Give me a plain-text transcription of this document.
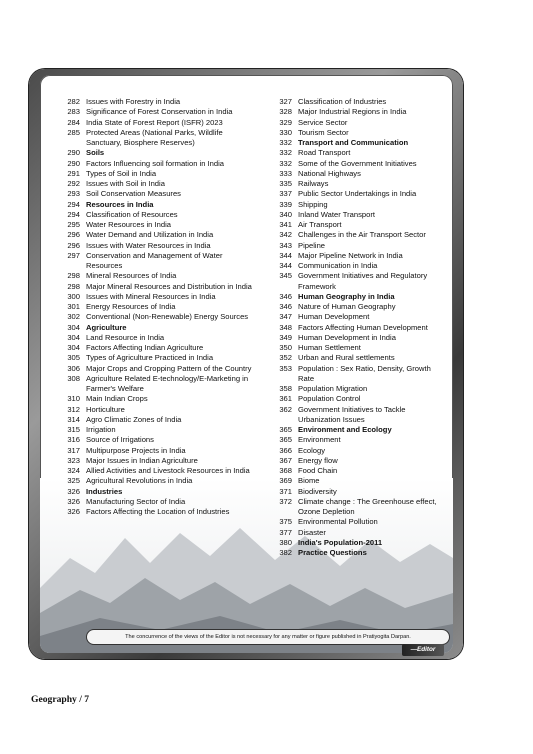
282 Issues with Forestry in India
283 Significance of Forest Conservation in India
284 India State of Forest Report (ISFR) 2023
285 Protected Areas (National Parks, Wildlife Sanctuary, Biosphere Reserves)
290 Soils
290 Factors Influencing soil formation in India
291 Types of Soil in India
292 Issues with Soil in India
293 Soil Conservation Measures
294 Resources in India
294 Classification of Resources
295 Water Resources in India
296 Water Demand and Utilization in India
296 Issues with Water Resources in India
297 Conservation and Management of Water Resources
298 Mineral Resources of India
298 Major Mineral Resources and Distribution in India
300 Issues with Mineral Resources in India
301 Energy Resources of India
302 Conventional (Non-Renewable) Energy Sources
304 Agriculture
304 Land Resource in India
304 Factors Affecting Indian Agriculture
305 Types of Agriculture Practiced in India
306 Major Crops and Cropping Pattern of the Country
308 Agriculture Related E-technology/E-Marketing in Farmer's Welfare
310 Main Indian Crops
312 Horticulture
314 Agro Climatic Zones of India
315 Irrigation
316 Source of Irrigations
317 Multipurpose Projects in India
323 Major Issues in Indian Agriculture
324 Allied Activities and Livestock Resources in India
325 Agricultural Revolutions in India
326 Industries
326 Manufacturing Sector of India
326 Factors Affecting the Location of Industries
327 Classification of Industries
328 Major Industrial Regions in India
329 Service Sector
330 Tourism Sector
332 Transport and Communication
332 Road Transport
332 Some of the Government Initiatives
333 National Highways
335 Railways
337 Public Sector Undertakings in India
339 Shipping
340 Inland Water Transport
341 Air Transport
342 Challenges in the Air Transport Sector
343 Pipeline
344 Major Pipeline Network in India
344 Communication in India
345 Government Initiatives and Regulatory Framework
346 Human Geography in India
346 Nature of Human Geography
347 Human Development
348 Factors Affecting Human Development
349 Human Development in India
350 Human Settlement
352 Urban and Rural settlements
353 Population : Sex Ratio, Density, Growth Rate
358 Population Migration
361 Population Control
362 Government Initiatives to Tackle Urbanization Issues
365 Environment and Ecology
365 Environment
366 Ecology
367 Energy flow
368 Food Chain
369 Biome
371 Biodiversity
372 Climate change : The Greenhouse effect, Ozone Depletion
375 Environmental Pollution
377 Disaster
380 India's Population-2011
382 Practice Questions
The concurrence of the views of the Editor is not necessary for any matter or figure published in Pratiyogita Darpan.
—Editor
Geography / 7
